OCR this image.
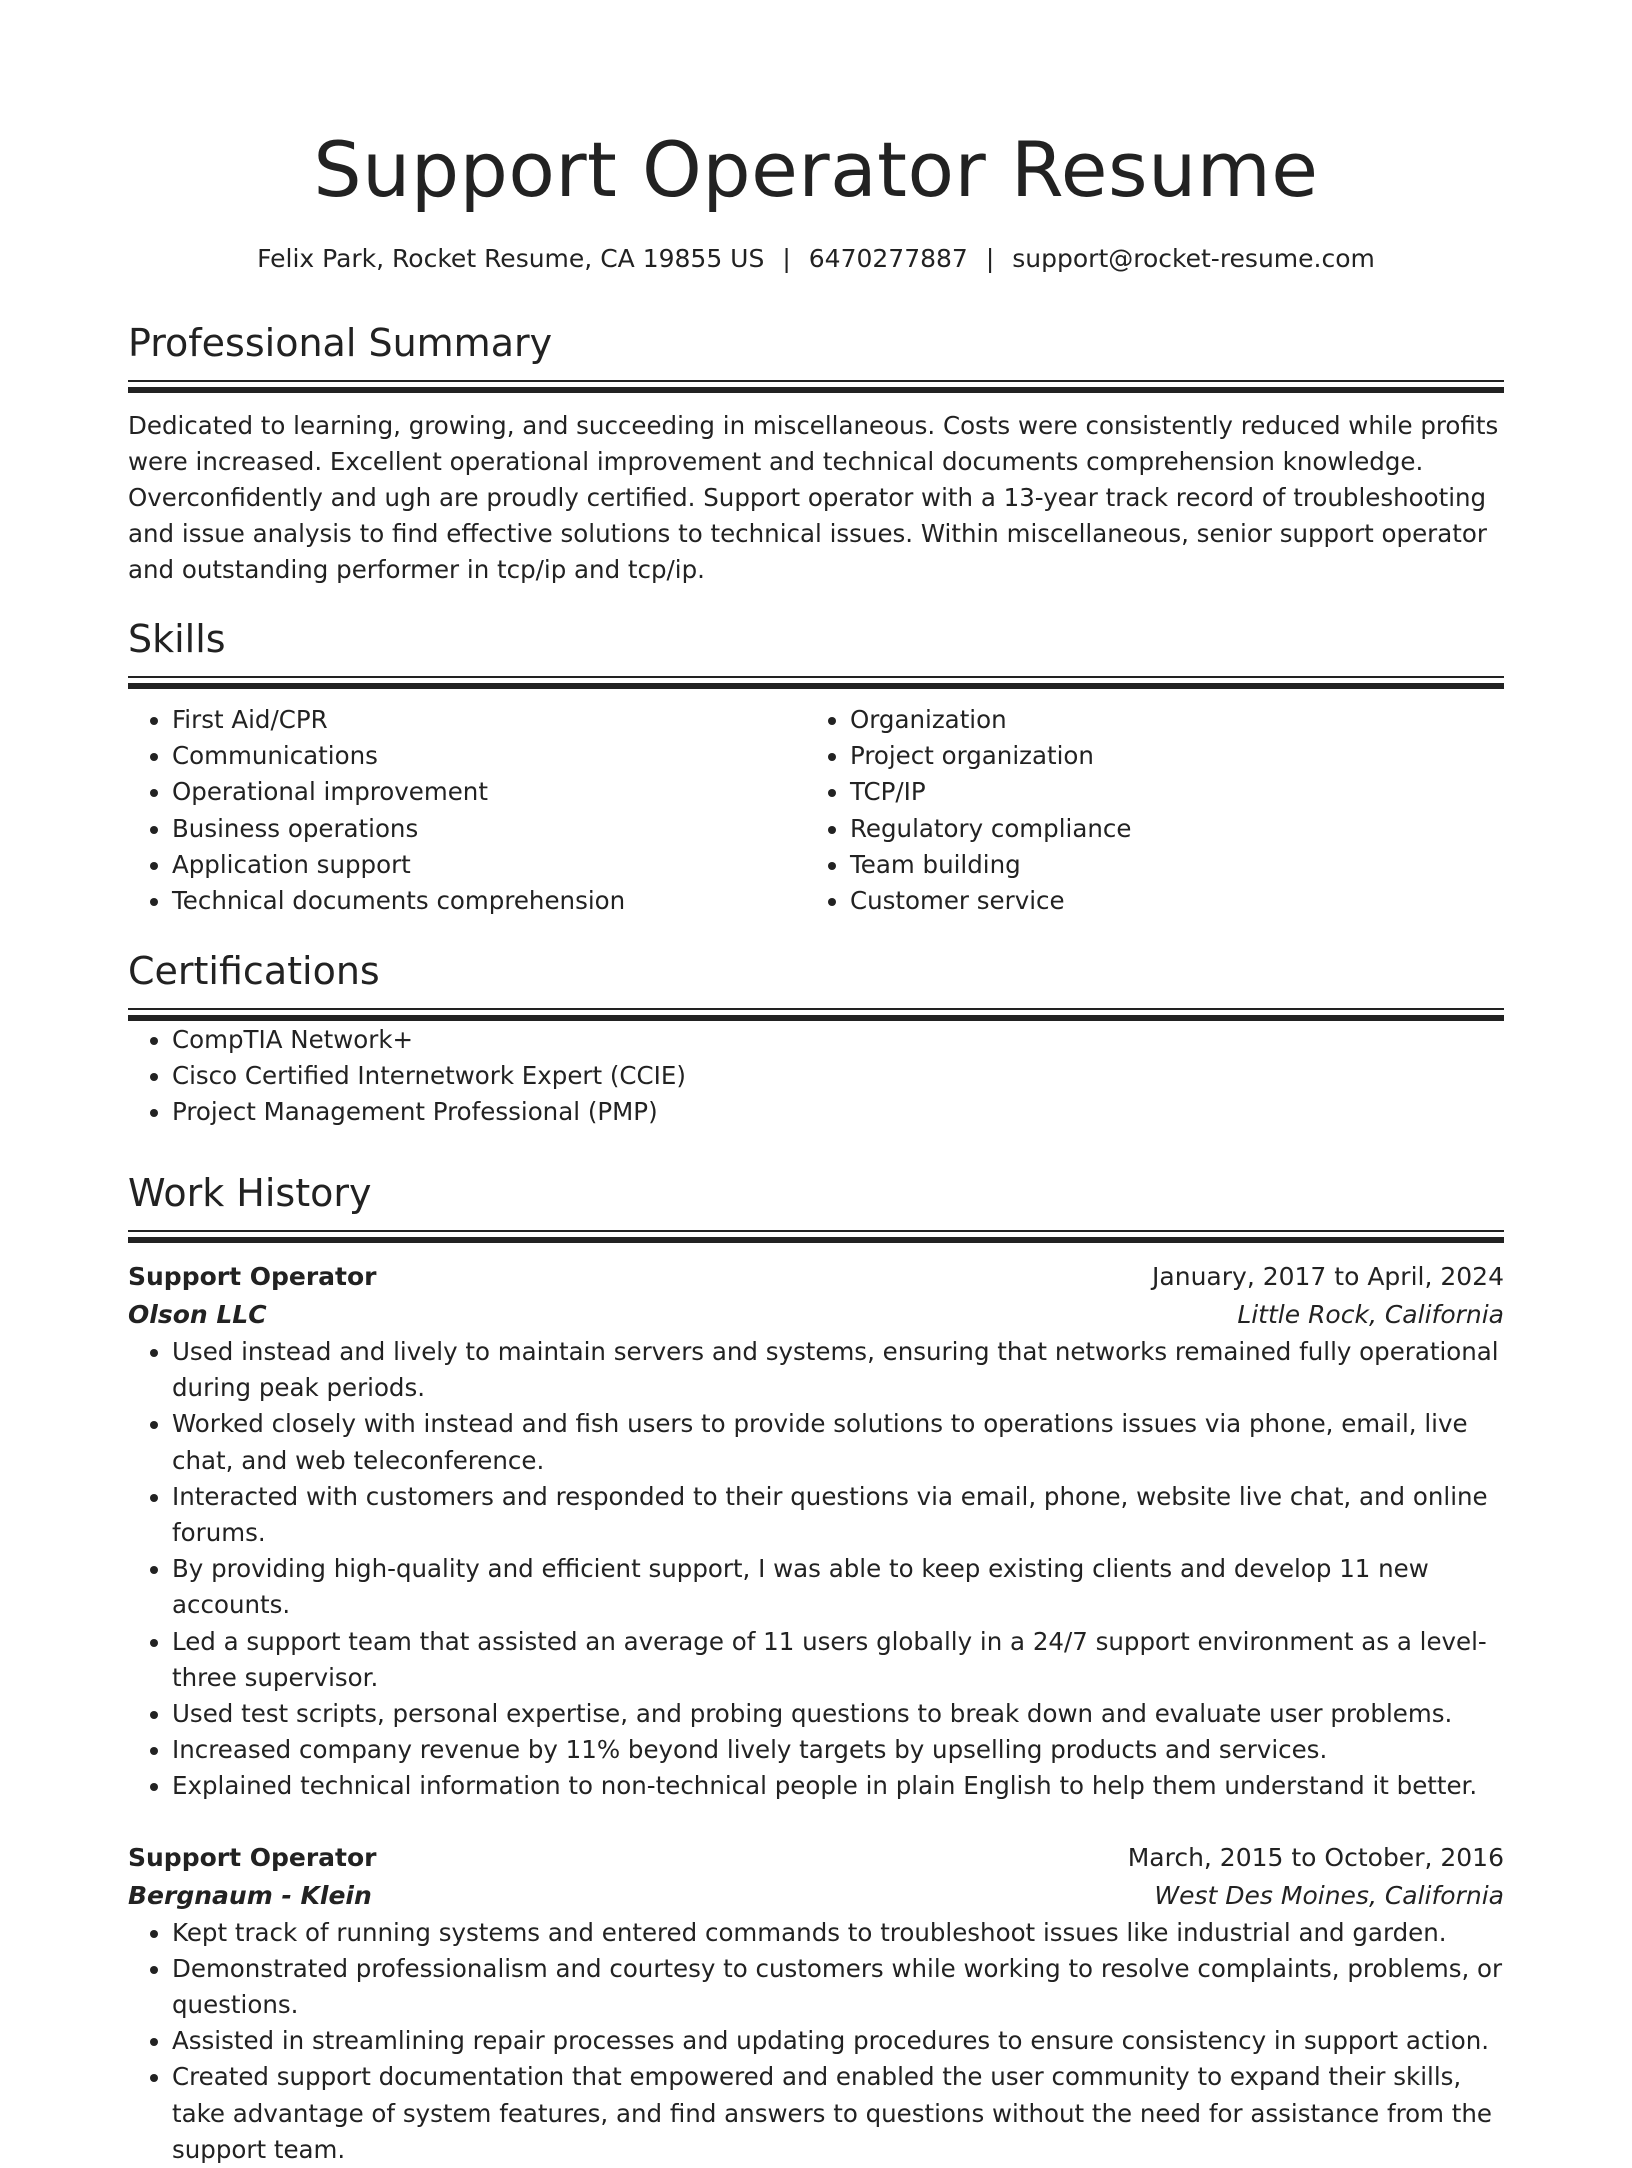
Support Operator Resume
Felix Park, Rocket Resume, CA 19855 US | 6470277887 | support@rocket-resume.com
Professional Summary

Dedicated to learning, growing, and succeeding in miscellaneous. Costs were consistently reduced while profits were increased. Excellent operational improvement and technical documents comprehension knowledge. Overconfidently and ugh are proudly certified. Support operator with a 13-year track record of troubleshooting and issue analysis to find effective solutions to technical issues. Within miscellaneous, senior support operator and outstanding performer in tcp/ip and tcp/ip.

Skills
• First Aid/CPR
• Communications
• Operational improvement
• Business operations
• Application support
• Technical documents comprehension
• Organization
• Project organization
• TCP/IP
• Regulatory compliance
• Team building
• Customer service
Certifications
• CompTIA Network+
• Cisco Certified Internetwork Expert (CCIE)
• Project Management Professional (PMP)
Work History
Support Operator	January, 2017 to April, 2024
Olson LLC	Little Rock, California
• Used instead and lively to maintain servers and systems, ensuring that networks remained fully operational during peak periods.
• Worked closely with instead and fish users to provide solutions to operations issues via phone, email, live chat, and web teleconference.
• Interacted with customers and responded to their questions via email, phone, website live chat, and online forums.
• By providing high-quality and efficient support, I was able to keep existing clients and develop 11 new accounts.
• Led a support team that assisted an average of 11 users globally in a 24/7 support environment as a level-three supervisor.
• Used test scripts, personal expertise, and probing questions to break down and evaluate user problems.
• Increased company revenue by 11% beyond lively targets by upselling products and services.
• Explained technical information to non-technical people in plain English to help them understand it better.
Support Operator	March, 2015 to October, 2016
Bergnaum - Klein	West Des Moines, California
• Kept track of running systems and entered commands to troubleshoot issues like industrial and garden.
• Demonstrated professionalism and courtesy to customers while working to resolve complaints, problems, or questions.
• Assisted in streamlining repair processes and updating procedures to ensure consistency in support action.
• Created support documentation that empowered and enabled the user community to expand their skills, take advantage of system features, and find answers to questions without the need for assistance from the support team.
